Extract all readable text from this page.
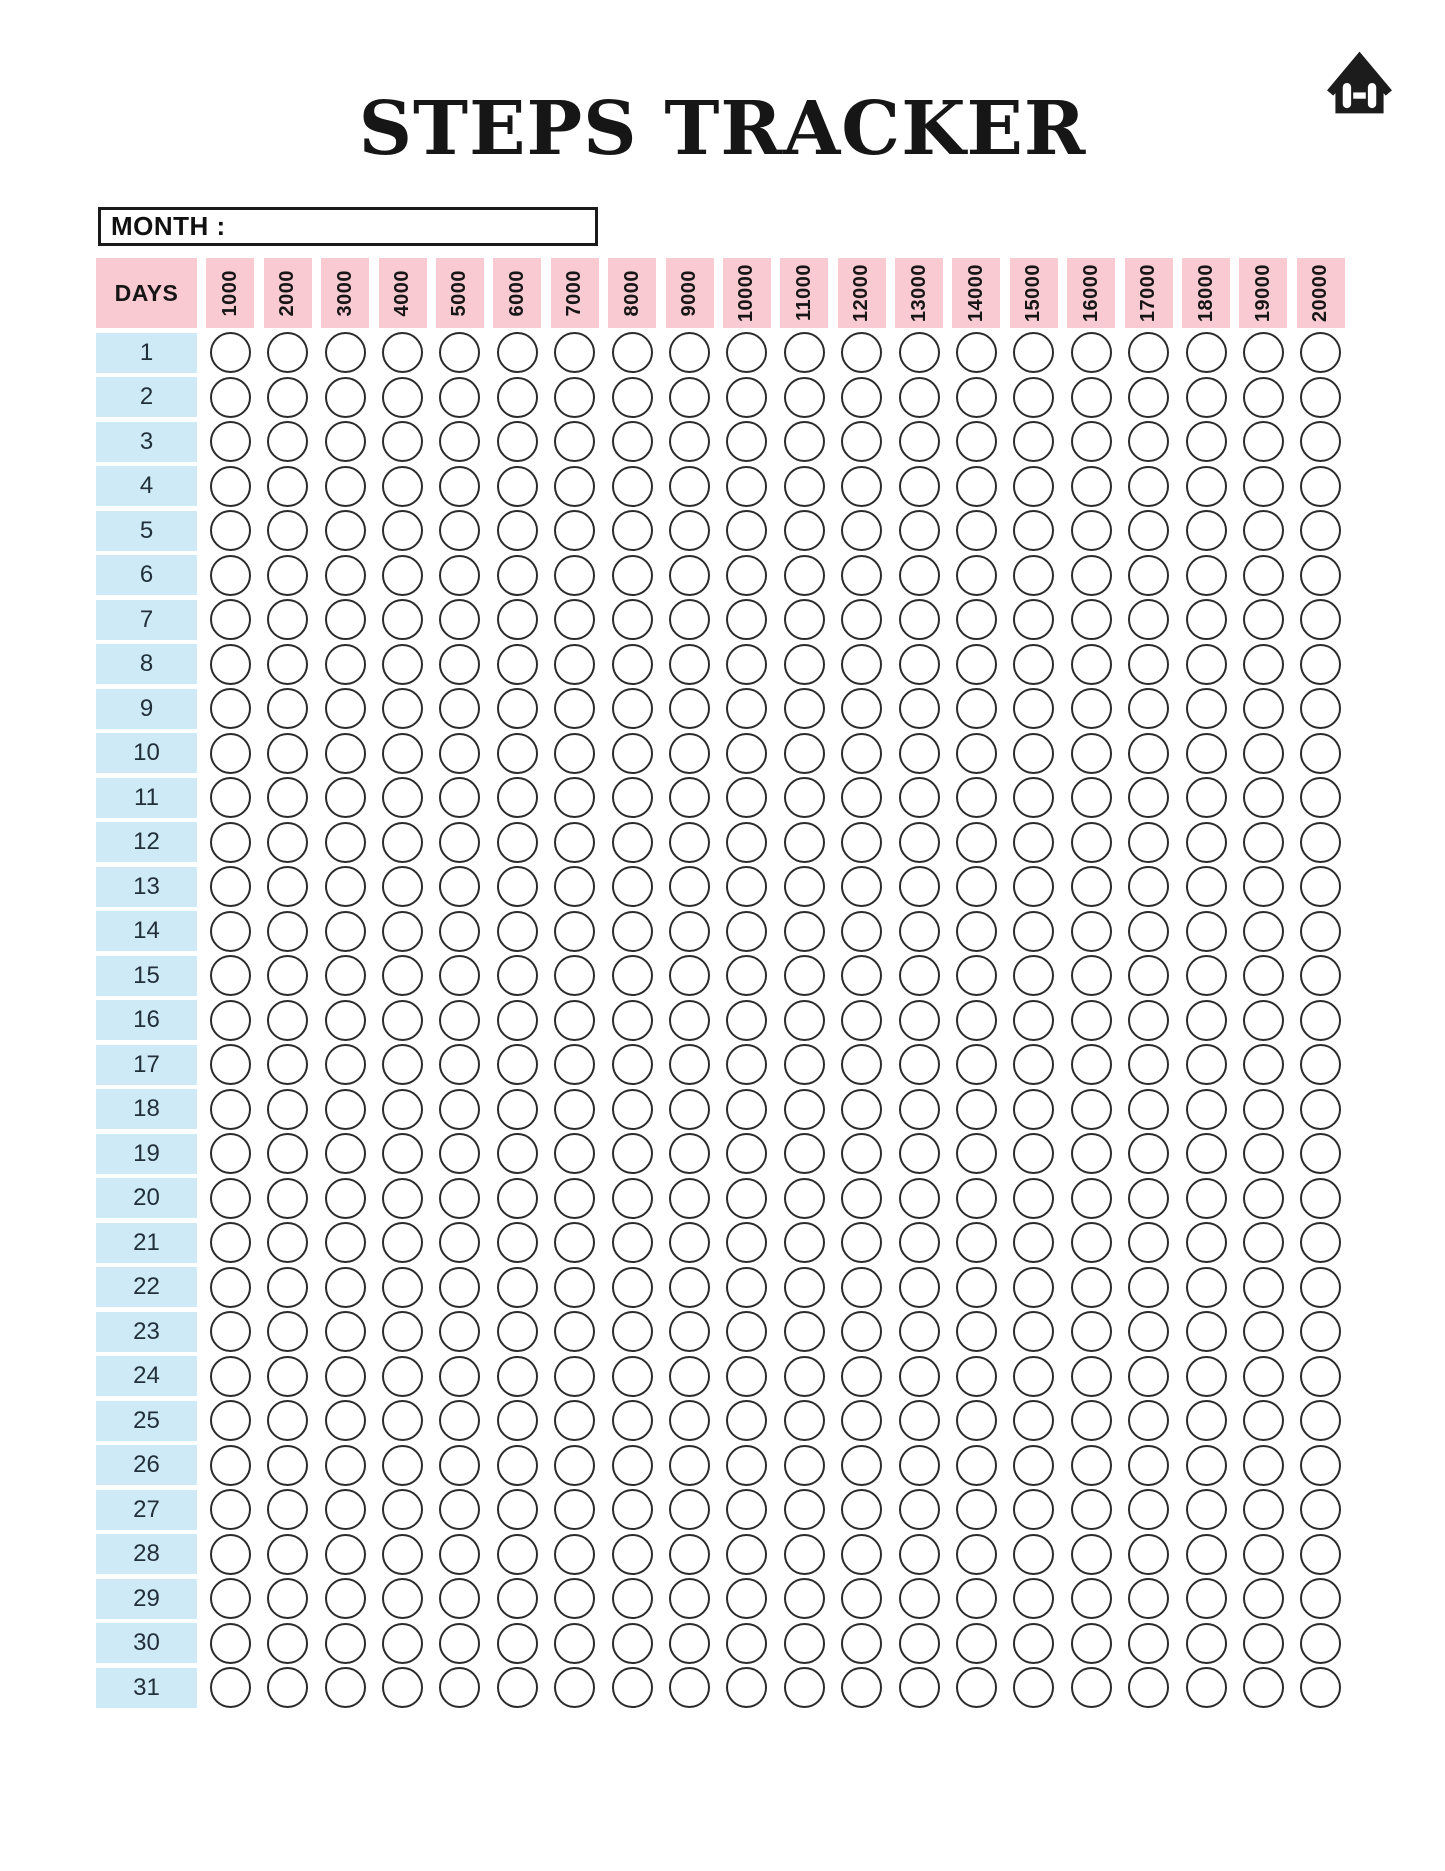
STEPS TRACKER
MONTH :
DAYS	1000 2000 3000 4000 5000 6000 7000 8000 9000 10000 11000 12000 13000 14000 15000 16000 17000 18000 19000 20000
1
2
3
4
5
6
7
8
9
10
11
12
13
14
15
16
17
18
19
20
21
22
23
24
25
26
27
28
29
30
31
